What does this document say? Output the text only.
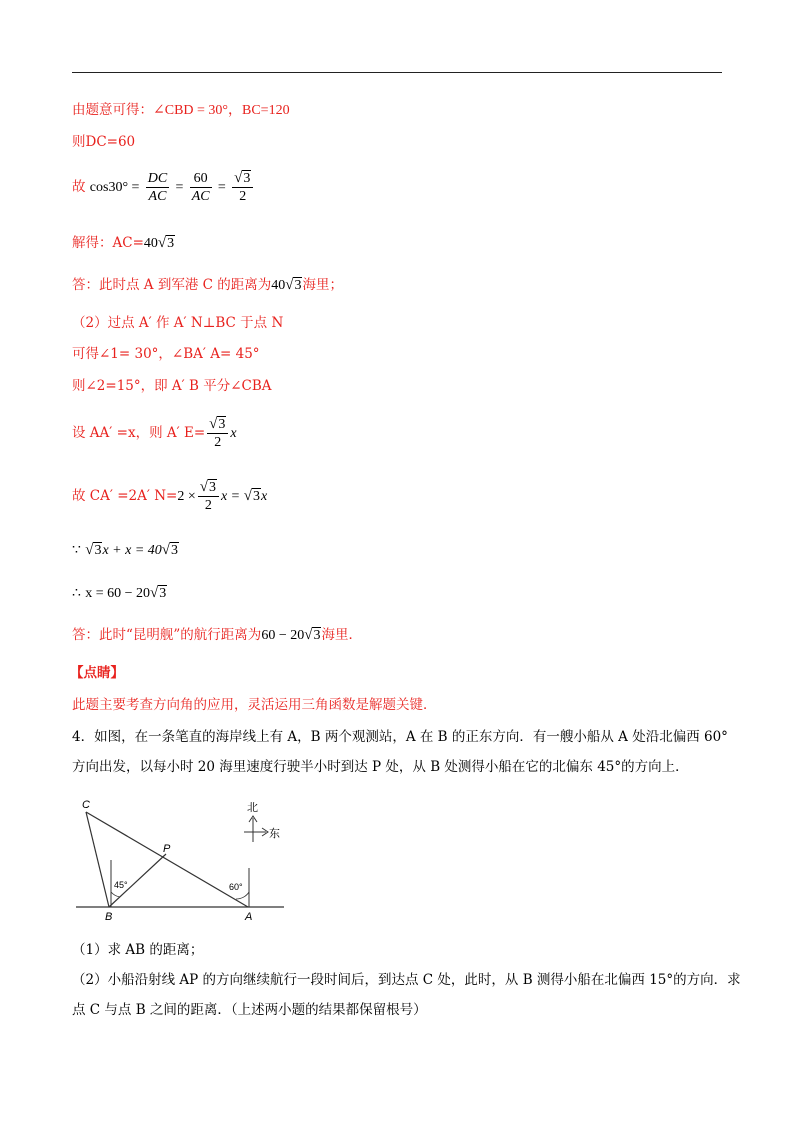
由题意可得：∠CBD = 30°，BC=120
则DC=60
故 $\cos 30^\circ = \frac{DC}{AC} = \frac{60}{AC} = \frac{√3}{2}$
解得：AC=40√3
答：此时点 A 到军港 C 的距离为40√3海里；
（2）过点 A′ 作 A′ N⊥BC 于点 N
可得∠1= 30°，∠BA′ A= 45°
则∠2=15°，即 A′ B 平分∠CBA
设 AA′ =x，则 A′ $E= \frac{√3}{2}$ x
故 CA′ =2A′ $N=2 \times \frac{√3}{2}$ x = √3x
∵ √3x + x = 40√3
∴ x = 60 − 20√3
答：此时“昆明舰”的航行距离为60 − 20√3海里．
【点睛】
此题主要考查方向角的应用，灵活运用三角函数是解题关键．
4．如图，在一条笔直的海岸线上有 A，B 两个观测站，A 在 B 的正东方向．有一艘小船从 A 处沿北偏西 60°
方向出发，以每小时 20 海里速度行驶半小时到达 P 处，从 B 处测得小船在它的北偏东 45°的方向上．
C
P
B	A
45°	60°
北
东
（1）求 AB 的距离；
（2）小船沿射线 AP 的方向继续航行一段时间后，到达点 C 处，此时，从 B 测得小船在北偏西 15°的方向．求
点 C 与点 B 之间的距离．（上述两小题的结果都保留根号）
